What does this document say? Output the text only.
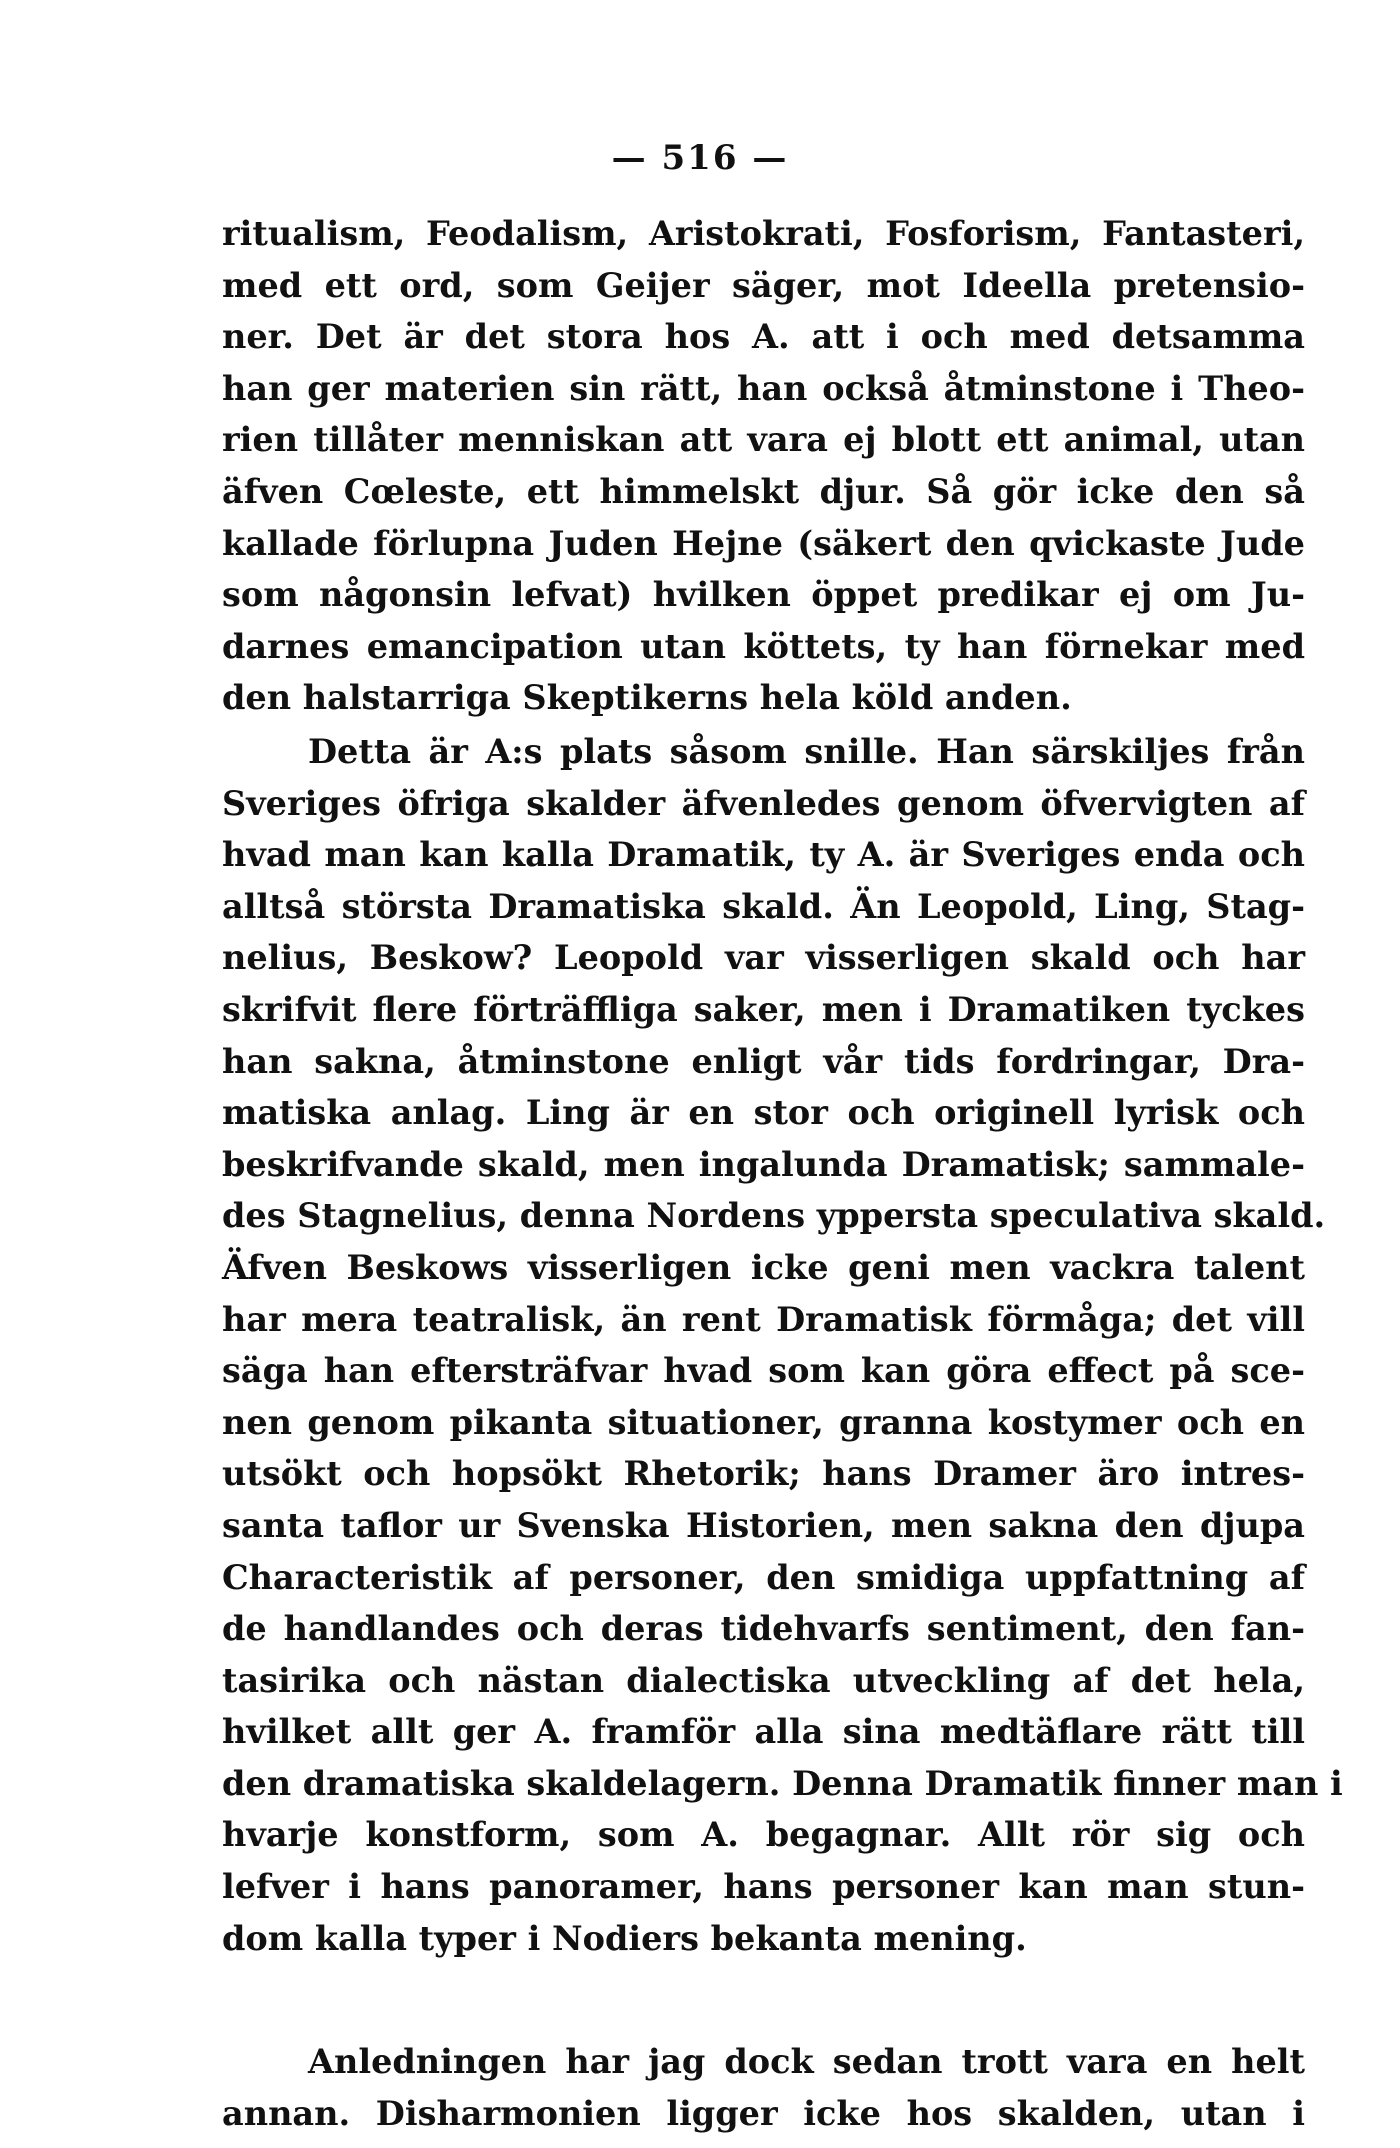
— 516 —
ritualism, Feodalism, Aristokrati, Fosforism, Fantasteri,
med ett ord, som Geijer säger, mot Ideella pretensio-
ner. Det är det stora hos A. att i och med detsamma
han ger materien sin rätt, han också åtminstone i Theo-
rien tillåter menniskan att vara ej blott ett animal, utan
äfven Cœleste, ett himmelskt djur. Så gör icke den så
kallade förlupna Juden Hejne (säkert den qvickaste Jude
som någonsin lefvat) hvilken öppet predikar ej om Ju-
darnes emancipation utan köttets, ty han förnekar med
den halstarriga Skeptikerns hela köld anden.
Detta är A:s plats såsom snille. Han särskiljes från
Sveriges öfriga skalder äfvenledes genom öfvervigten af
hvad man kan kalla Dramatik, ty A. är Sveriges enda och
alltså största Dramatiska skald. Än Leopold, Ling, Stag-
nelius, Beskow? Leopold var visserligen skald och har
skrifvit flere förträffliga saker, men i Dramatiken tyckes
han sakna, åtminstone enligt vår tids fordringar, Dra-
matiska anlag. Ling är en stor och originell lyrisk och
beskrifvande skald, men ingalunda Dramatisk; sammale-
des Stagnelius, denna Nordens yppersta speculativa skald.
Äfven Beskows visserligen icke geni men vackra talent
har mera teatralisk, än rent Dramatisk förmåga; det vill
säga han eftersträfvar hvad som kan göra effect på sce-
nen genom pikanta situationer, granna kostymer och en
utsökt och hopsökt Rhetorik; hans Dramer äro intres-
santa taflor ur Svenska Historien, men sakna den djupa
Characteristik af personer, den smidiga uppfattning af
de handlandes och deras tidehvarfs sentiment, den fan-
tasirika och nästan dialectiska utveckling af det hela,
hvilket allt ger A. framför alla sina medtäflare rätt till
den dramatiska skaldelagern. Denna Dramatik finner man i
hvarje konstform, som A. begagnar. Allt rör sig och
lefver i hans panoramer, hans personer kan man stun-
dom kalla typer i Nodiers bekanta mening.
Anledningen har jag dock sedan trott vara en helt
annan. Disharmonien ligger icke hos skalden, utan i
